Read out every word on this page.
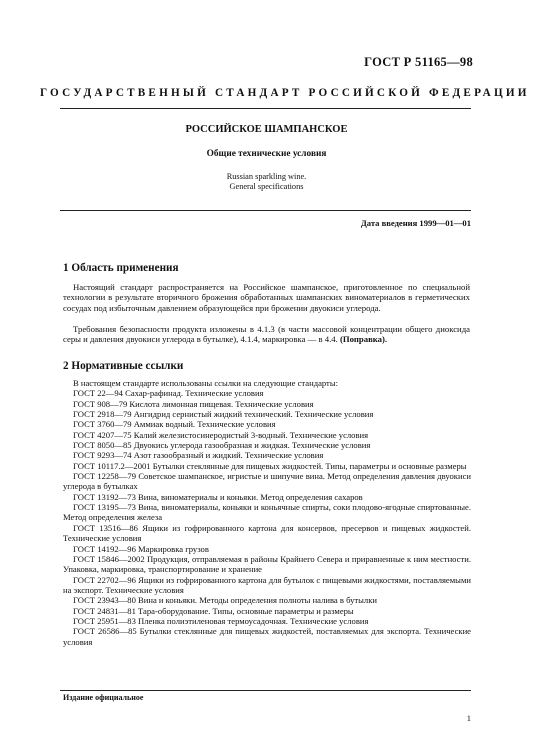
ГОСТ Р 51165—98
ГОСУДАРСТВЕННЫЙ СТАНДАРТ РОССИЙСКОЙ ФЕДЕРАЦИИ
РОССИЙСКОЕ ШАМПАНСКОЕ
Общие технические условия
Russian sparkling wine.
General specifications
Дата введения 1999—01—01
1 Область применения
Настоящий стандарт распространяется на Российское шампанское, приготовленное по специальной технологии в результате вторичного брожения обработанных шампанских виноматериалов в герметических сосудах под избыточным давлением образующейся при брожении двуокиси углерода.
Требования безопасности продукта изложены в 4.1.3 (в части массовой концентрации общего диоксида серы и давления двуокиси углерода в бутылке), 4.1.4, маркировка — в 4.4. (Поправка).
2 Нормативные ссылки
В настоящем стандарте использованы ссылки на следующие стандарты:
ГОСТ 22—94 Сахар-рафинад. Технические условия
ГОСТ 908—79 Кислота лимонная пищевая. Технические условия
ГОСТ 2918—79 Ангидрид сернистый жидкий технический. Технические условия
ГОСТ 3760—79 Аммиак водный. Технические условия
ГОСТ 4207—75 Калий железистосинеродистый 3-водный. Технические условия
ГОСТ 8050—85 Двуокись углерода газообразная и жидкая. Технические условия
ГОСТ 9293—74 Азот газообразный и жидкий. Технические условия
ГОСТ 10117.2—2001 Бутылки стеклянные для пищевых жидкостей. Типы, параметры и основные размеры
ГОСТ 12258—79 Советское шампанское, игристые и шипучие вина. Метод определения давления двуокиси углерода в бутылках
ГОСТ 13192—73 Вина, виноматериалы и коньяки. Метод определения сахаров
ГОСТ 13195—73 Вина, виноматериалы, коньяки и коньячные спирты, соки плодово-ягодные спиртованные. Метод определения железа
ГОСТ 13516—86 Ящики из гофрированного картона для консервов, пресервов и пищевых жидкостей. Технические условия
ГОСТ 14192—96 Маркировка грузов
ГОСТ 15846—2002 Продукция, отправляемая в районы Крайнего Севера и приравненные к ним местности. Упаковка, маркировка, транспортирование и хранение
ГОСТ 22702—96 Ящики из гофрированного картона для бутылок с пищевыми жидкостями, поставляемыми на экспорт. Технические условия
ГОСТ 23943—80 Вина и коньяки. Методы определения полноты налива в бутылки
ГОСТ 24831—81 Тара-оборудование. Типы, основные параметры и размеры
ГОСТ 25951—83 Пленка полиэтиленовая термоусадочная. Технические условия
ГОСТ 26586—85 Бутылки стеклянные для пищевых жидкостей, поставляемых для экспорта. Технические условия
Издание официальное
1
